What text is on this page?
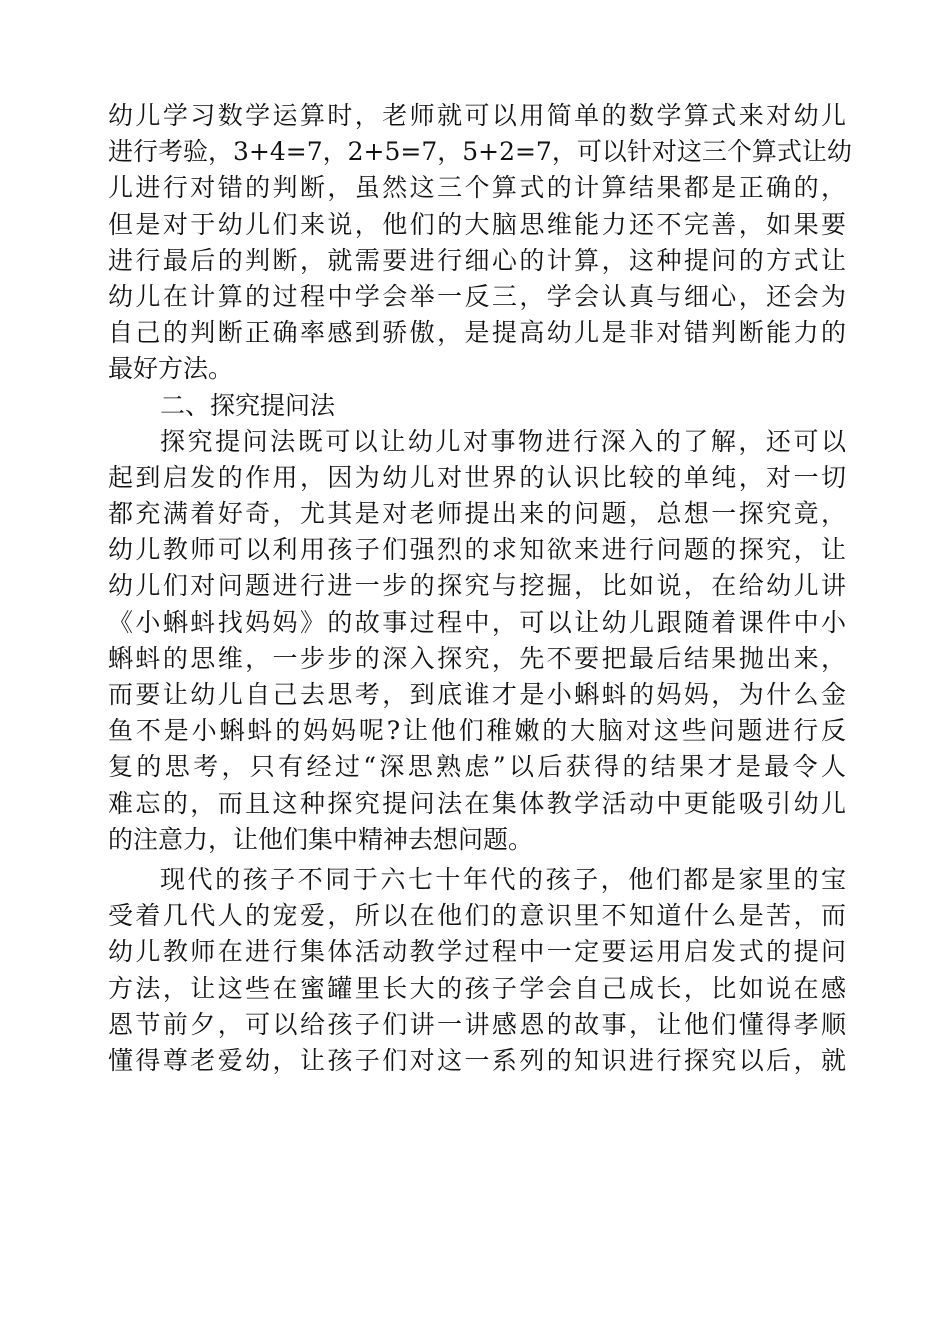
幼儿学习数学运算时，老师就可以用简单的数学算式来对幼儿
进行考验，3+4=7，2+5=7，5+2=7，可以针对这三个算式让幼
儿进行对错的判断，虽然这三个算式的计算结果都是正确的，
但是对于幼儿们来说，他们的大脑思维能力还不完善，如果要
进行最后的判断，就需要进行细心的计算，这种提问的方式让
幼儿在计算的过程中学会举一反三，学会认真与细心，还会为
自己的判断正确率感到骄傲，是提高幼儿是非对错判断能力的
最好方法。
二、探究提问法
探究提问法既可以让幼儿对事物进行深入的了解，还可以
起到启发的作用，因为幼儿对世界的认识比较的单纯，对一切
都充满着好奇，尤其是对老师提出来的问题，总想一探究竟，
幼儿教师可以利用孩子们强烈的求知欲来进行问题的探究，让
幼儿们对问题进行进一步的探究与挖掘，比如说，在给幼儿讲
《小蝌蚪找妈妈》的故事过程中，可以让幼儿跟随着课件中小
蝌蚪的思维，一步步的深入探究，先不要把最后结果抛出来，
而要让幼儿自己去思考，到底谁才是小蝌蚪的妈妈，为什么金
鱼不是小蝌蚪的妈妈呢?让他们稚嫩的大脑对这些问题进行反
复的思考，只有经过“深思熟虑”以后获得的结果才是最令人
难忘的，而且这种探究提问法在集体教学活动中更能吸引幼儿
的注意力，让他们集中精神去想问题。
现代的孩子不同于六七十年代的孩子，他们都是家里的宝
受着几代人的宠爱，所以在他们的意识里不知道什么是苦，而
幼儿教师在进行集体活动教学过程中一定要运用启发式的提问
方法，让这些在蜜罐里长大的孩子学会自己成长，比如说在感
恩节前夕，可以给孩子们讲一讲感恩的故事，让他们懂得孝顺
懂得尊老爱幼，让孩子们对这一系列的知识进行探究以后，就
